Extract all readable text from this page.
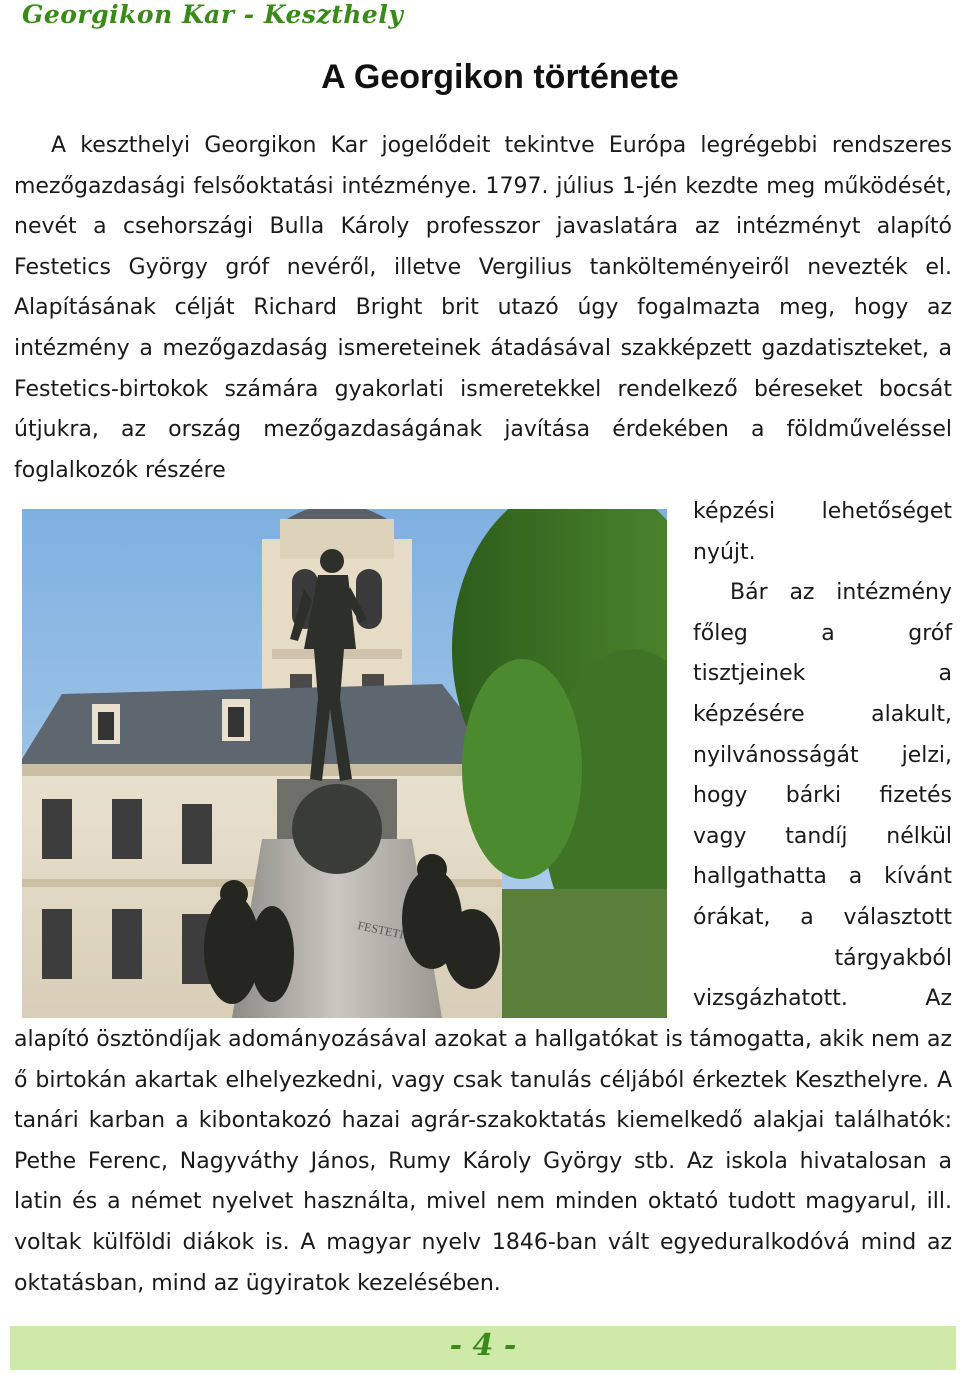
Georgikon Kar - Keszthely
A Georgikon története

A keszthelyi Georgikon Kar jogelődeit tekintve Európa legrégebbi rendszeres mezőgazdasági felsőoktatási intézménye. 1797. július 1-jén kezdte meg működését, nevét a csehországi Bulla Károly professzor javaslatára az intézményt alapító Festetics György gróf nevéről, illetve Vergilius tankölteményeiről nevezték el. Alapításának célját Richard Bright brit utazó úgy fogalmazta meg, hogy az intézmény a mezőgazdaság ismereteinek átadásával szakképzett gazdatiszteket, a Festetics-birtokok számára gyakorlati ismeretekkel rendelkező béreseket bocsát útjukra, az ország mezőgazdaságának javítása érdekében a földműveléssel foglalkozók részére

FESTETICS
képzési lehetőséget
nyújt.
Bár az intézmény
főleg a gróf
tisztjeinek a
képzésére alakult,
nyilvánosságát jelzi,
hogy bárki fizetés
vagy tandíj nélkül
hallgathatta a kívánt
órákat, a választott
tárgyakból
vizsgázhatott. Az

alapító ösztöndíjak adományozásával azokat a hallgatókat is támogatta, akik nem az ő birtokán akartak elhelyezkedni, vagy csak tanulás céljából érkeztek Keszthelyre. A tanári karban a kibontakozó hazai agrár-szakoktatás kiemelkedő alakjai találhatók: Pethe Ferenc, Nagyváthy János, Rumy Károly György stb. Az iskola hivatalosan a latin és a német nyelvet használta, mivel nem minden oktató tudott magyarul, ill. voltak külföldi diákok is. A magyar nyelv 1846-ban vált egyeduralkodóvá mind az oktatásban, mind az ügyiratok kezelésében.

- 4 -
